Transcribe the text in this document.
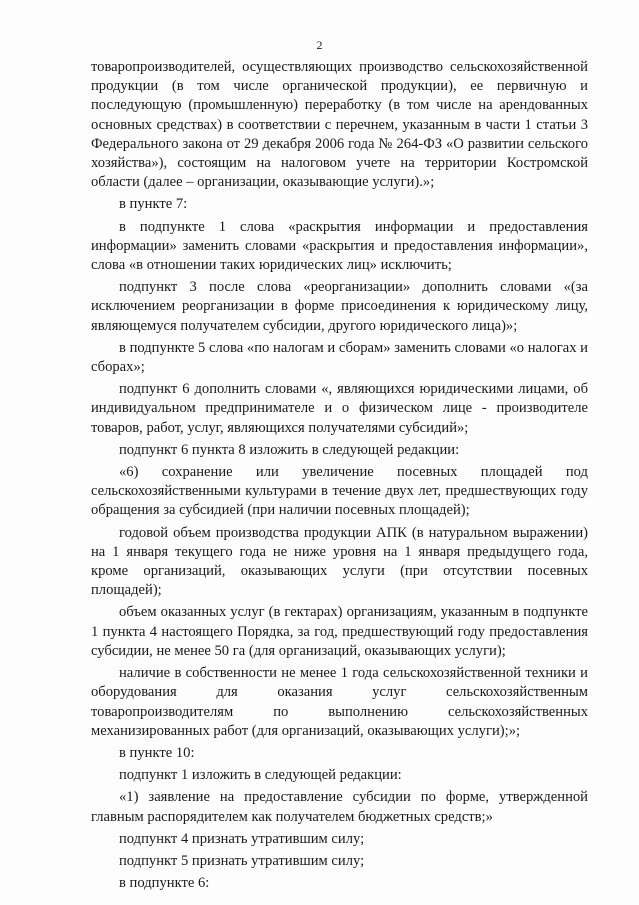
2

товаропроизводителей, осуществляющих производство сельскохозяйственной продукции (в том числе органической продукции), ее первичную и последующую (промышленную) переработку (в том числе на арендованных основных средствах) в соответствии с перечнем, указанным в части 1 статьи 3 Федерального закона от 29 декабря 2006 года № 264-ФЗ «О развитии сельского хозяйства»), состоящим на налоговом учете на территории Костромской области (далее – организации, оказывающие услуги).»;

в пункте 7:

в подпункте 1 слова «раскрытия информации и предоставления информации» заменить словами «раскрытия и предоставления информации», слова «в отношении таких юридических лиц» исключить;

подпункт 3 после слова «реорганизации» дополнить словами «(за исключением реорганизации в форме присоединения к юридическому лицу, являющемуся получателем субсидии, другого юридического лица)»;

в подпункте 5 слова «по налогам и сборам» заменить словами «о налогах и сборах»;

подпункт 6 дополнить словами «, являющихся юридическими лицами, об индивидуальном предпринимателе и о физическом лице - производителе товаров, работ, услуг, являющихся получателями субсидий»;

подпункт 6 пункта 8 изложить в следующей редакции:

«6) сохранение или увеличение посевных площадей под сельскохозяйственными культурами в течение двух лет, предшествующих году обращения за субсидией (при наличии посевных площадей);

годовой объем производства продукции АПК (в натуральном выражении) на 1 января текущего года не ниже уровня на 1 января предыдущего года, кроме организаций, оказывающих услуги (при отсутствии посевных площадей);

объем оказанных услуг (в гектарах) организациям, указанным в подпункте 1 пункта 4 настоящего Порядка, за год, предшествующий году предоставления субсидии, не менее 50 га (для организаций, оказывающих услуги);

наличие в собственности не менее 1 года сельскохозяйственной техники и оборудования для оказания услуг сельскохозяйственным товаропроизводителям по выполнению сельскохозяйственных механизированных работ (для организаций, оказывающих услуги);»;

в пункте 10:

подпункт 1 изложить в следующей редакции:

«1) заявление на предоставление субсидии по форме, утвержденной главным распорядителем как получателем бюджетных средств;»

подпункт 4 признать утратившим силу;

подпункт 5 признать утратившим силу;

в подпункте 6:
